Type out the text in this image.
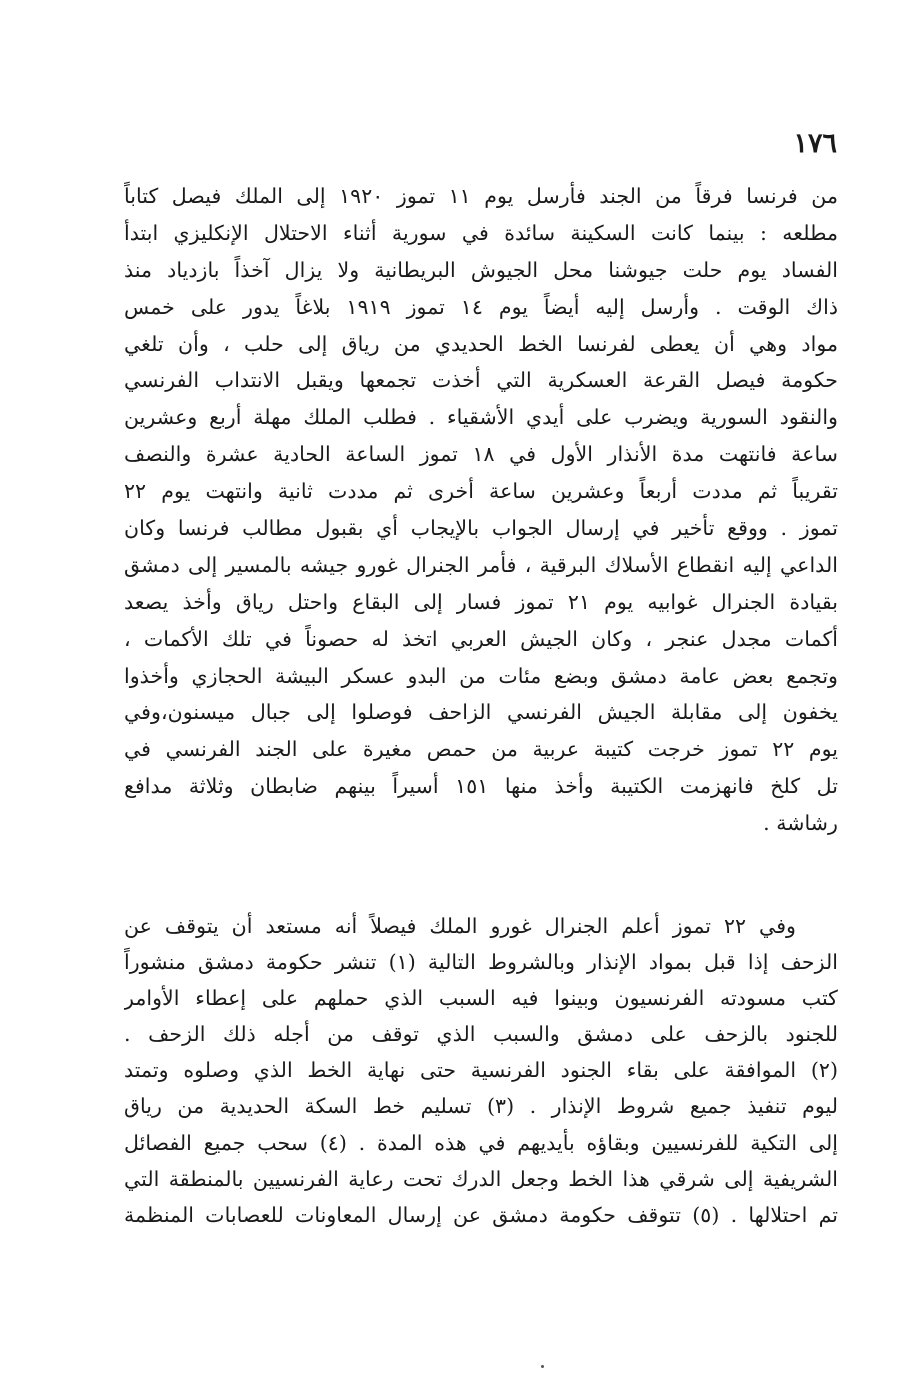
١٧٦
من فرنسا فرقاً من الجند فأرسل يوم ١١ تموز ١٩٢٠ إلى الملك فيصل كتاباً
مطلعه : بينما كانت السكينة سائدة في سورية أثناء الاحتلال الإنكليزي ابتدأ
الفساد يوم حلت جيوشنا محل الجيوش البريطانية ولا يزال آخذاً بازدياد منذ
ذاك الوقت . وأرسل إليه أيضاً يوم ١٤ تموز ١٩١٩ بلاغاً يدور على خمس
مواد وهي أن يعطى لفرنسا الخط الحديدي من رياق إلى حلب ، وأن تلغي
حكومة فيصل القرعة العسكرية التي أخذت تجمعها ويقبل الانتداب الفرنسي
والنقود السورية ويضرب على أيدي الأشقياء . فطلب الملك مهلة أربع وعشرين
ساعة فانتهت مدة الأنذار الأول في ١٨ تموز الساعة الحادية عشرة والنصف
تقريباً ثم مددت أربعاً وعشرين ساعة أخرى ثم مددت ثانية وانتهت يوم ٢٢
تموز . ووقع تأخير في إرسال الجواب بالإيجاب أي بقبول مطالب فرنسا وكان
الداعي إليه انقطاع الأسلاك البرقية ، فأمر الجنرال غورو جيشه بالمسير إلى دمشق
بقيادة الجنرال غوابيه يوم ٢١ تموز فسار إلى البقاع واحتل رياق وأخذ يصعد
أكمات مجدل عنجر ، وكان الجيش العربي اتخذ له حصوناً في تلك الأكمات ،
وتجمع بعض عامة دمشق وبضع مئات من البدو عسكر البيشة الحجازي وأخذوا
يخفون إلى مقابلة الجيش الفرنسي الزاحف فوصلوا إلى جبال ميسنون،وفي
يوم ٢٢ تموز خرجت كتيبة عربية من حمص مغيرة على الجند الفرنسي في
تل كلخ فانهزمت الكتيبة وأخذ منها ١٥١ أسيراً بينهم ضابطان وثلاثة مدافع
رشاشة .
وفي ٢٢ تموز أعلم الجنرال غورو الملك فيصلاً أنه مستعد أن يتوقف عن
الزحف إذا قبل بمواد الإنذار وبالشروط التالية (١) تنشر حكومة دمشق منشوراً
كتب مسودته الفرنسيون وبينوا فيه السبب الذي حملهم على إعطاء الأوامر
للجنود بالزحف على دمشق والسبب الذي توقف من أجله ذلك الزحف .
(٢) الموافقة على بقاء الجنود الفرنسية حتى نهاية الخط الذي وصلوه وتمتد
ليوم تنفيذ جميع شروط الإنذار . (٣) تسليم خط السكة الحديدية من رياق
إلى التكية للفرنسيين وبقاؤه بأيديهم في هذه المدة . (٤) سحب جميع الفصائل
الشريفية إلى شرقي هذا الخط وجعل الدرك تحت رعاية الفرنسيين بالمنطقة التي
تم احتلالها . (٥) تتوقف حكومة دمشق عن إرسال المعاونات للعصابات المنظمة
